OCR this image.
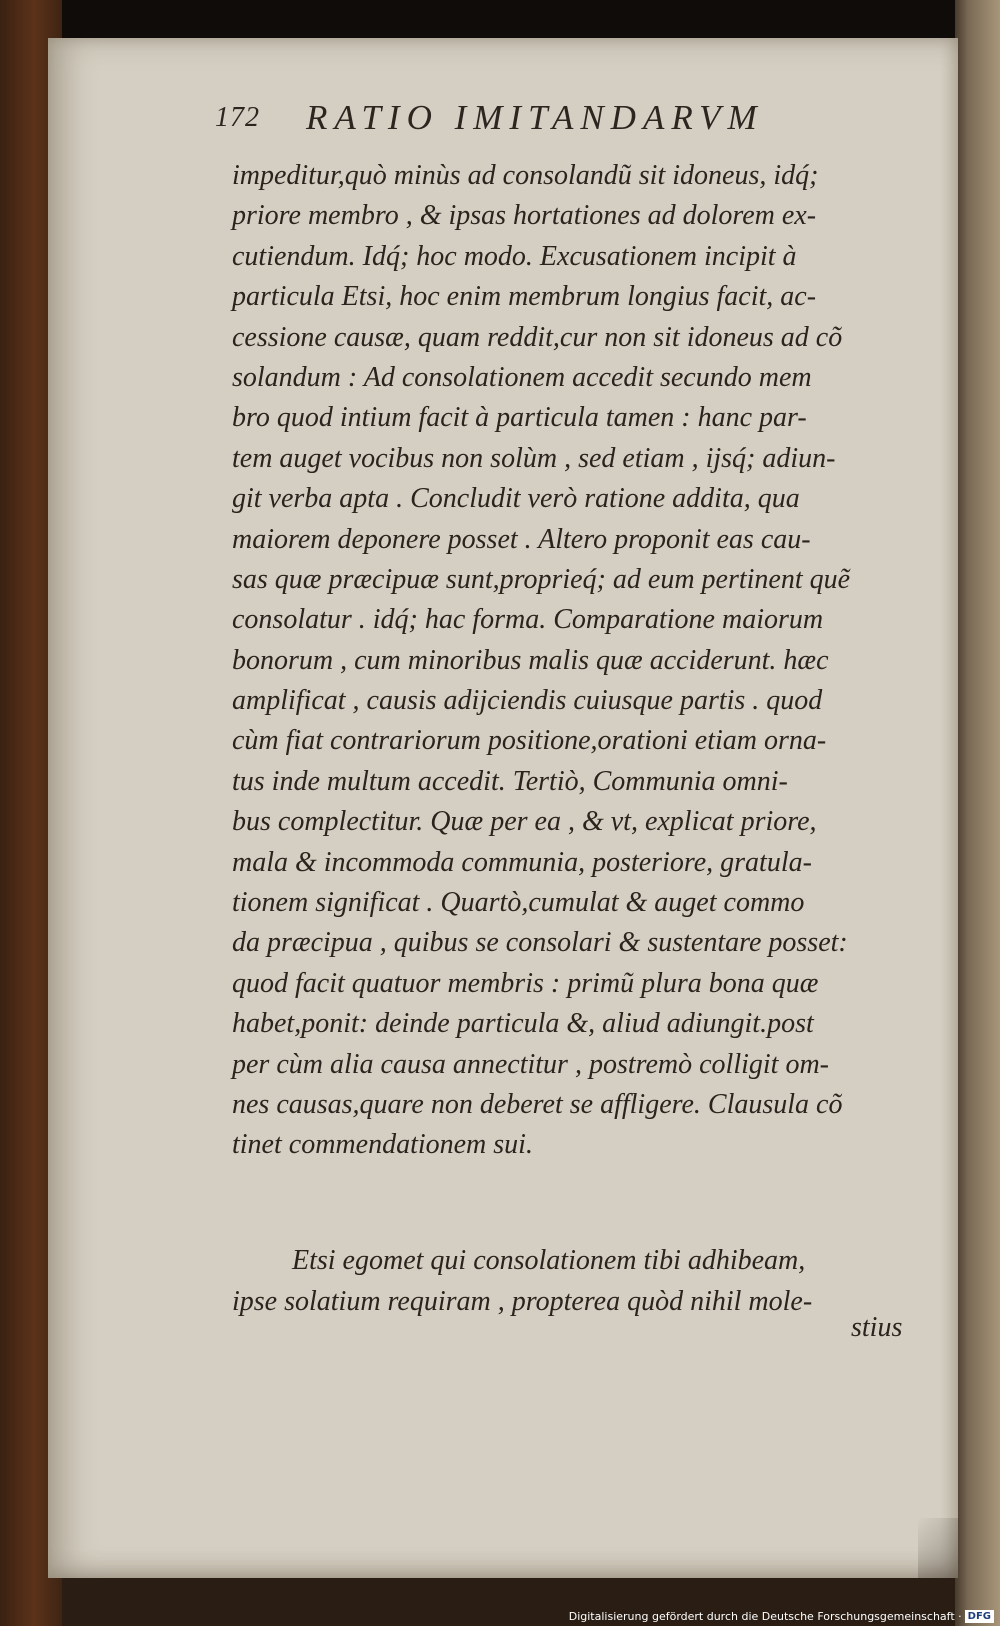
172 RATIO IMITANDARVM
impeditur,quò minùs ad consolandũ sit idoneus, idq́;
priore membro , & ipsas hortationes ad dolorem ex-
cutiendum. Idq́; hoc modo. Excusationem incipit à
particula Etsi, hoc enim membrum longius facit, ac-
cessione causæ, quam reddit,cur non sit idoneus ad cõ
solandum : Ad consolationem accedit secundo mem
bro quod intium facit à particula tamen : hanc par-
tem auget vocibus non solùm , sed etiam , ijsq́; adiun-
git verba apta . Concludit verò ratione addita, qua
maiorem deponere posset . Altero proponit eas cau-
sas quæ præcipuæ sunt,proprieq́; ad eum pertinent quẽ
consolatur . idq́; hac forma. Comparatione maiorum
bonorum , cum minoribus malis quæ acciderunt. hæc
amplificat , causis adijciendis cuiusque partis . quod
cùm fiat contrariorum positione,orationi etiam orna-
tus inde multum accedit. Tertiò, Communia omni-
bus complectitur. Quæ per ea , & vt, explicat priore,
mala & incommoda communia, posteriore, gratula-
tionem significat . Quartò,cumulat & auget commo
da præcipua , quibus se consolari & sustentare posset:
quod facit quatuor membris : primũ plura bona quæ
habet,ponit: deinde particula &, aliud adiungit.post
per cùm alia causa annectitur , postremò colligit om-
nes causas,quare non deberet se affligere. Clausula cõ
tinet commendationem sui.
Etsi egomet qui consolationem tibi adhibeam,
ipse solatium requiram , propterea quòd nihil mole-
stius
Digitalisierung gefördert durch die Deutsche Forschungsgemeinschaft · DFG
